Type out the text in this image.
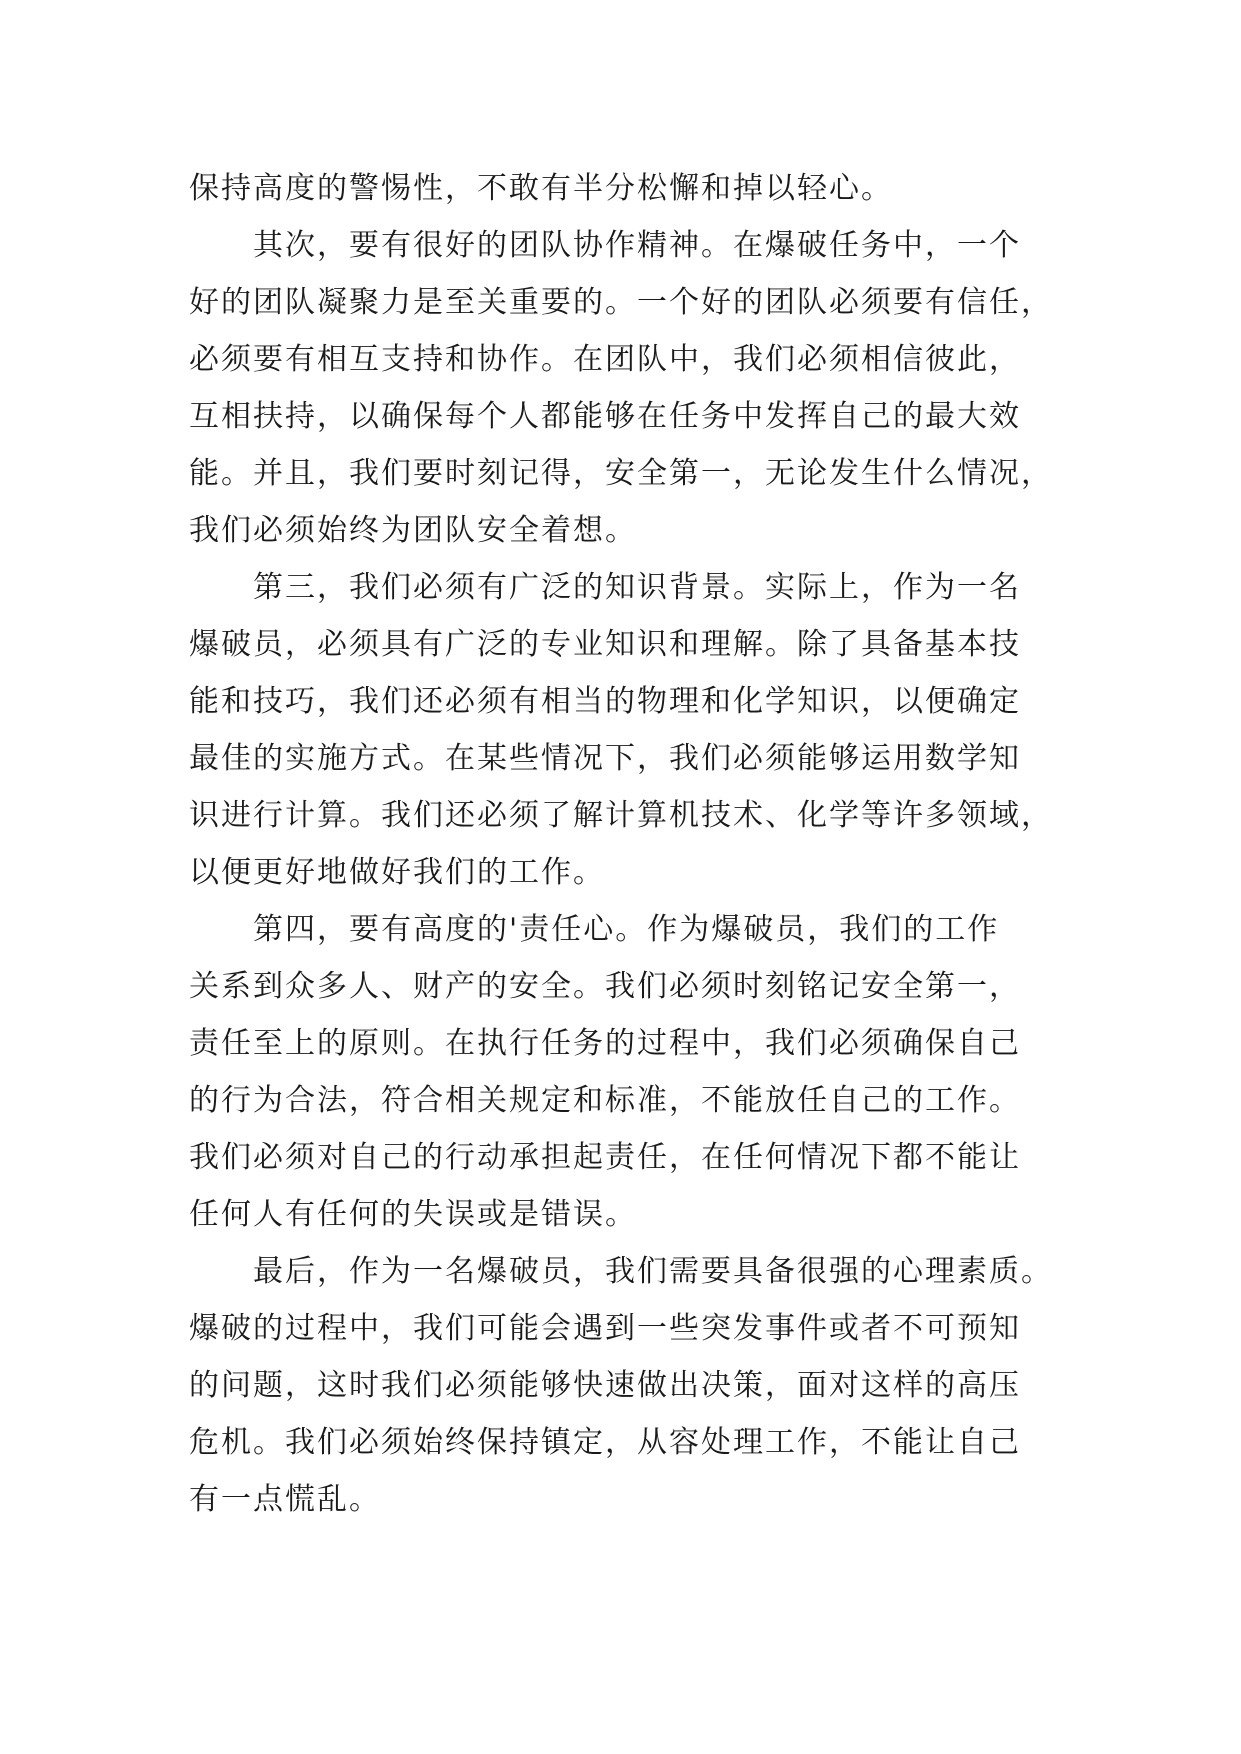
保持高度的警惕性，不敢有半分松懈和掉以轻心。

其次，要有很好的团队协作精神。在爆破任务中，一个

好的团队凝聚力是至关重要的。一个好的团队必须要有信任，

必须要有相互支持和协作。在团队中，我们必须相信彼此，

互相扶持，以确保每个人都能够在任务中发挥自己的最大效

能。并且，我们要时刻记得，安全第一，无论发生什么情况，

我们必须始终为团队安全着想。

第三，我们必须有广泛的知识背景。实际上，作为一名

爆破员，必须具有广泛的专业知识和理解。除了具备基本技

能和技巧，我们还必须有相当的物理和化学知识，以便确定

最佳的实施方式。在某些情况下，我们必须能够运用数学知

识进行计算。我们还必须了解计算机技术、化学等许多领域，

以便更好地做好我们的工作。

第四，要有高度的'责任心。作为爆破员，我们的工作

关系到众多人、财产的安全。我们必须时刻铭记安全第一，

责任至上的原则。在执行任务的过程中，我们必须确保自己

的行为合法，符合相关规定和标准，不能放任自己的工作。

我们必须对自己的行动承担起责任，在任何情况下都不能让

任何人有任何的失误或是错误。

最后，作为一名爆破员，我们需要具备很强的心理素质。

爆破的过程中，我们可能会遇到一些突发事件或者不可预知

的问题，这时我们必须能够快速做出决策，面对这样的高压

危机。我们必须始终保持镇定，从容处理工作，不能让自己

有一点慌乱。
